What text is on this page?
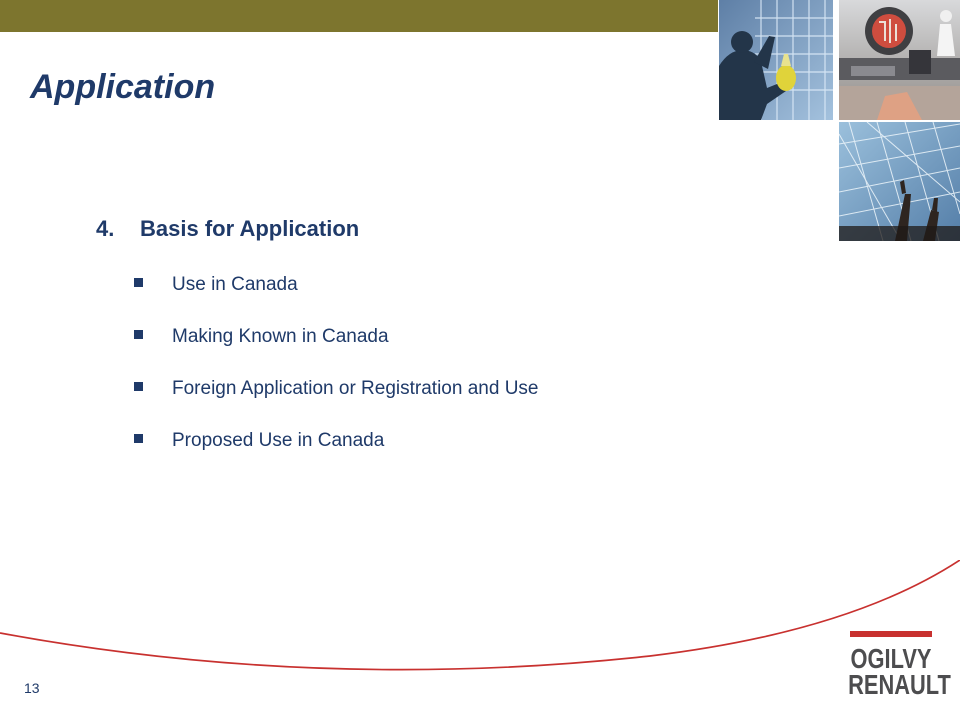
Application
4. Basis for Application
Use in Canada
Making Known in Canada
Foreign Application or Registration and Use
Proposed Use in Canada
13
OGILVY
RENAULT
